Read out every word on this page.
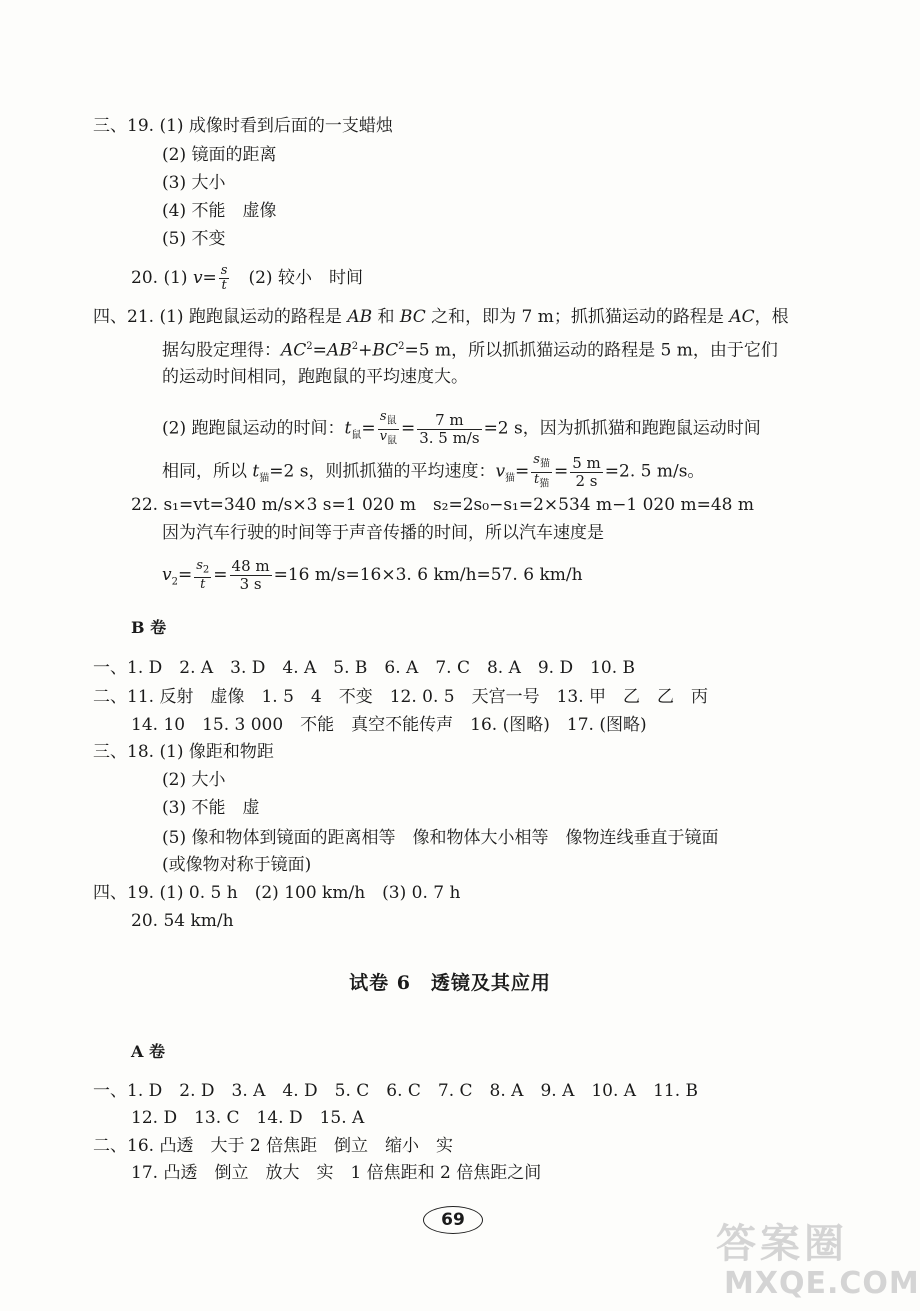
三、19. (1) 成像时看到后面的一支蜡烛
(2) 镜面的距离
(3) 大小
(4) 不能　虚像
(5) 不变
20. (1) $v= \frac{s}{t}$ 　(2) 较小　时间
四、21. (1) 跑跑鼠运动的路程是 AB 和 BC 之和，即为 7 m；抓抓猫运动的路程是 AC，根
据勾股定理得：$AC^2=AB^2+BC^2=5$ m，所以抓抓猫运动的路程是 5 m，由于它们
的运动时间相同，跑跑鼠的平均速度大。
(2) 跑跑鼠运动的时间：$t_鼠= \frac{s_鼠}{v_鼠} = \frac{7 m}{3. 5 m/s} =2$ s，因为抓抓猫和跑跑鼠运动时间
相同，所以 $t_猫=2$ s，则抓抓猫的平均速度：$v_猫= \frac{s_猫}{t_猫} = \frac{5 m}{2 s} =2$. 5 m/s。
22. s₁=vt=340 m/s×3 s=1 020 m　s₂=2s₀−s₁=2×534 m−1 020 m=48 m
因为汽车行驶的时间等于声音传播的时间，所以汽车速度是
$v_2= \frac{s_2}{t} = \frac{48 m}{3 s} =16$ m/s=16×3. 6 km/h=57. 6 km/h
B 卷
一、1. D　2. A　3. D　4. A　5. B　6. A　7. C　8. A　9. D　10. B
二、11. 反射　虚像　1. 5　4　不变　12. 0. 5　天宫一号　13. 甲　乙　乙　丙
14. 10　15. 3 000　不能　真空不能传声　16. (图略)　17. (图略)
三、18. (1) 像距和物距
(2) 大小
(3) 不能　虚
(5) 像和物体到镜面的距离相等　像和物体大小相等　像物连线垂直于镜面
(或像物对称于镜面)
四、19. (1) 0. 5 h　(2) 100 km/h　(3) 0. 7 h
20. 54 km/h
试卷 6　透镜及其应用
A 卷
一、1. D　2. D　3. A　4. D　5. C　6. C　7. C　8. A　9. A　10. A　11. B
12. D　13. C　14. D　15. A
二、16. 凸透　大于 2 倍焦距　倒立　缩小　实
17. 凸透　倒立　放大　实　1 倍焦距和 2 倍焦距之间
69
答案圈
MXQE.COM
